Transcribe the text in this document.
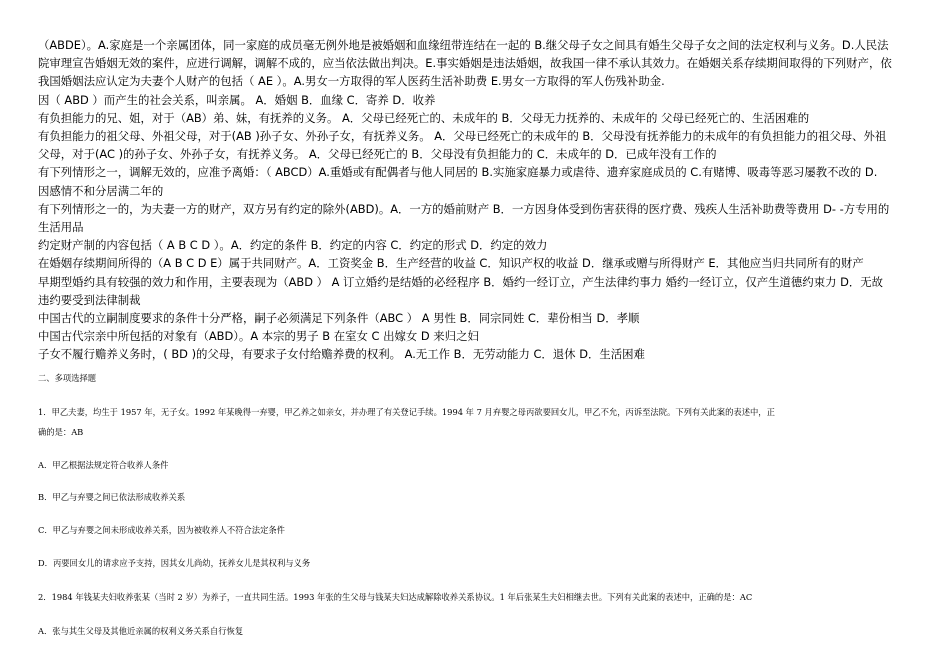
（ABDE）。A.家庭是一个亲属团体，同一家庭的成员毫无例外地是被婚姻和血缘纽带连结在一起的 B.继父母子女之间具有婚生父母子女之间的法定权利与义务。D.人民法
院审理宣告婚姻无效的案件，应进行调解，调解不成的，应当依法做出判决。E.事实婚姻是违法婚姻，故我国一律不承认其效力。在婚姻关系存续期间取得的下列财产，依
我国婚姻法应认定为夫妻个人财产的包括（ AE ）。A.男女一方取得的军人医药生活补助费 E.男女一方取得的军人伤残补助金.
因（ ABD ）而产生的社会关系，叫亲属。 A．婚姻 B．血缘 C．寄养 D．收养
有负担能力的兄、姐，对于（AB）弟、妹，有抚养的义务。 A．父母已经死亡的、未成年的 B．父母无力抚养的、未成年的 父母已经死亡的、生活困难的
有负担能力的祖父母、外祖父母，对于(AB )孙子女、外孙子女，有抚养义务。 A．父母已经死亡的未成年的 B．父母没有抚养能力的未成年的有负担能力的祖父母、外祖
父母，对于(AC )的孙子女、外孙子女，有抚养义务。 A．父母已经死亡的 B．父母没有负担能力的 C．未成年的 D．已成年没有工作的
有下列情形之一，调解无效的，应准予离婚：（ ABCD）A.重婚或有配偶者与他人同居的 B.实施家庭暴力或虐待、遗弃家庭成员的 C.有赌博、吸毒等恶习屡教不改的 D.
因感情不和分居满二年的
有下列情形之一的，为夫妻一方的财产，双方另有约定的除外(ABD)。A．一方的婚前财产 B．一方因身体受到伤害获得的医疗费、残疾人生活补助费等费用 D- -方专用的
生活用品
约定财产制的内容包括（ A B C D ）。A．约定的条件 B．约定的内容 C．约定的形式 D．约定的效力
在婚姻存续期间所得的（A B C D E）属于共同财产。A．工资奖金 B．生产经营的收益 C．知识产权的收益 D．继承或赠与所得财产 E．其他应当归共同所有的财产
早期型婚约具有较强的效力和作用，主要表现为（ABD ） A 订立婚约是结婚的必经程序 B．婚约一经订立，产生法律约事力 婚约一经订立，仅产生道德约束力 D．无故
违约要受到法律制裁
中国古代的立嗣制度要求的条件十分严格，嗣子必须满足下列条件（ABC ） A 男性 B．同宗同姓 C．辈份相当 D．孝顺
中国古代宗亲中所包括的对象有（ABD）。A 本宗的男子 B 在室女 C 出嫁女 D 来归之妇
子女不履行赡养义务时，( BD )的父母，有要求子女付给赡养费的权利。 A.无工作 B．无劳动能力 C．退休 D．生活困难

二、多项选择题

1．甲乙夫妻，均生于 1957 年，无子女。1992 年某晚得一弃婴，甲乙养之如亲女，并办理了有关登记手续。1994 年 7 月弃婴之母丙欲要回女儿，甲乙不允，丙诉至法院。下列有关此案的表述中，正

确的是：AB

A．甲乙根据法规定符合收养人条件

B．甲乙与弃婴之间已依法形成收养关系

C．甲乙与弃婴之间未形成收养关系，因为被收养人不符合法定条件

D．丙要回女儿的请求应予支持，因其女儿尚幼，抚养女儿是其权利与义务

2．1984 年钱某夫妇收养张某（当时 2 岁）为养子，一直共同生活。1993 年张的生父母与钱某夫妇达成解除收养关系协议。1 年后张某生夫妇相继去世。下列有关此案的表述中，正确的是：AC

A．张与其生父母及其他近亲属的权利义务关系自行恢复
